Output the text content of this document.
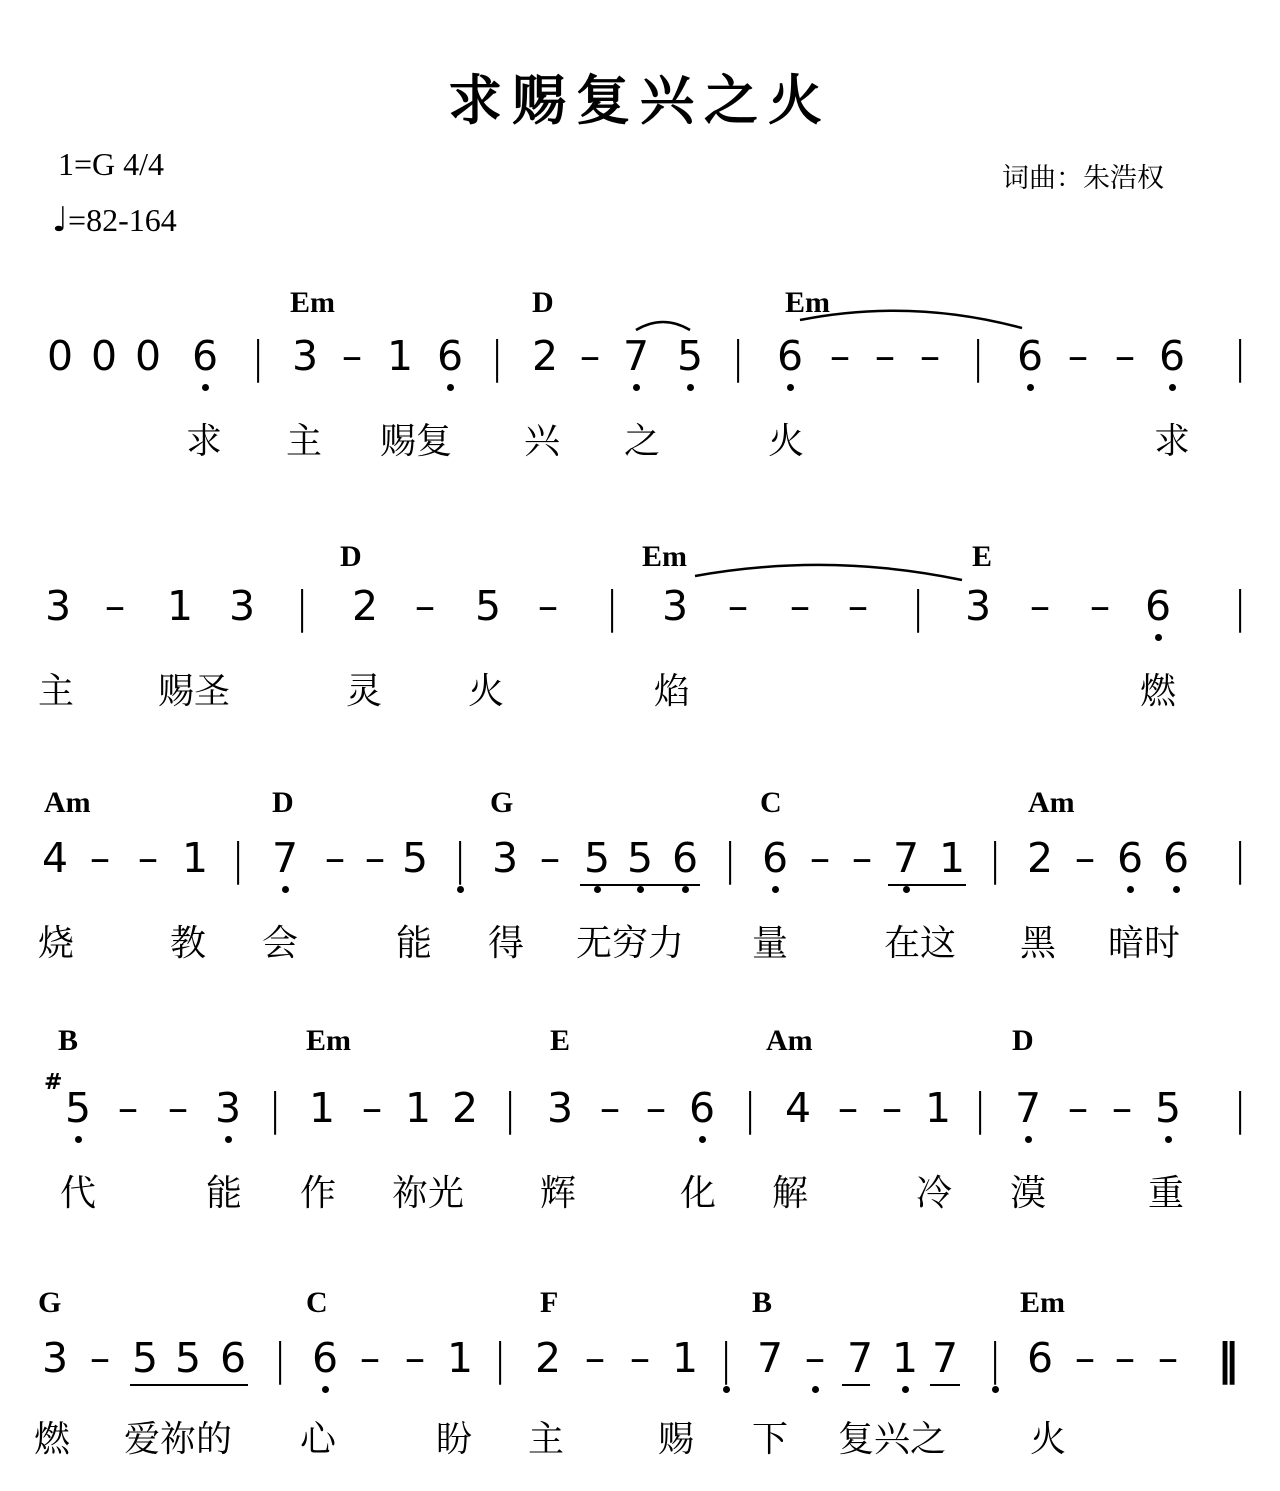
求赐复兴之火
1=G 4/4
♩=82-164
词曲：朱浩权
Em	D	Em
0 0 0 6 | 3 – 1 6 | 2 – 7 5 | 6 – – – | 6 – – 6 |
求 主 赐复 兴 之	火	求
D	Em	E
3 – 1 3 | 2 – 5 – | 3 – – – | 3 – – 6 |
主 赐圣	灵 火	焰	燃
Am	D	G	C	Am
4 – – 1 | 7 – – 5 | 3 – 5 5 6 | 6 – – 7 1 | 2 – 6 6 |
烧	教 会	能 得 无穷力 量	在这 黑 暗时
B	Em	E	Am	D
#
5 – – 3 | 1 – 1 2 | 3 – – 6 | 4 – – 1 | 7 – – 5 |
代	能 作 祢光 辉	化 解	冷 漠	重
G	C	F	B	Em
3 – 5 5 6 | 6 – – 1 | 2 – – 1 | 7 – 7 1 7 | 6 – – – ‖
燃 爱祢的 心	盼 主	赐 下 复兴之 火
